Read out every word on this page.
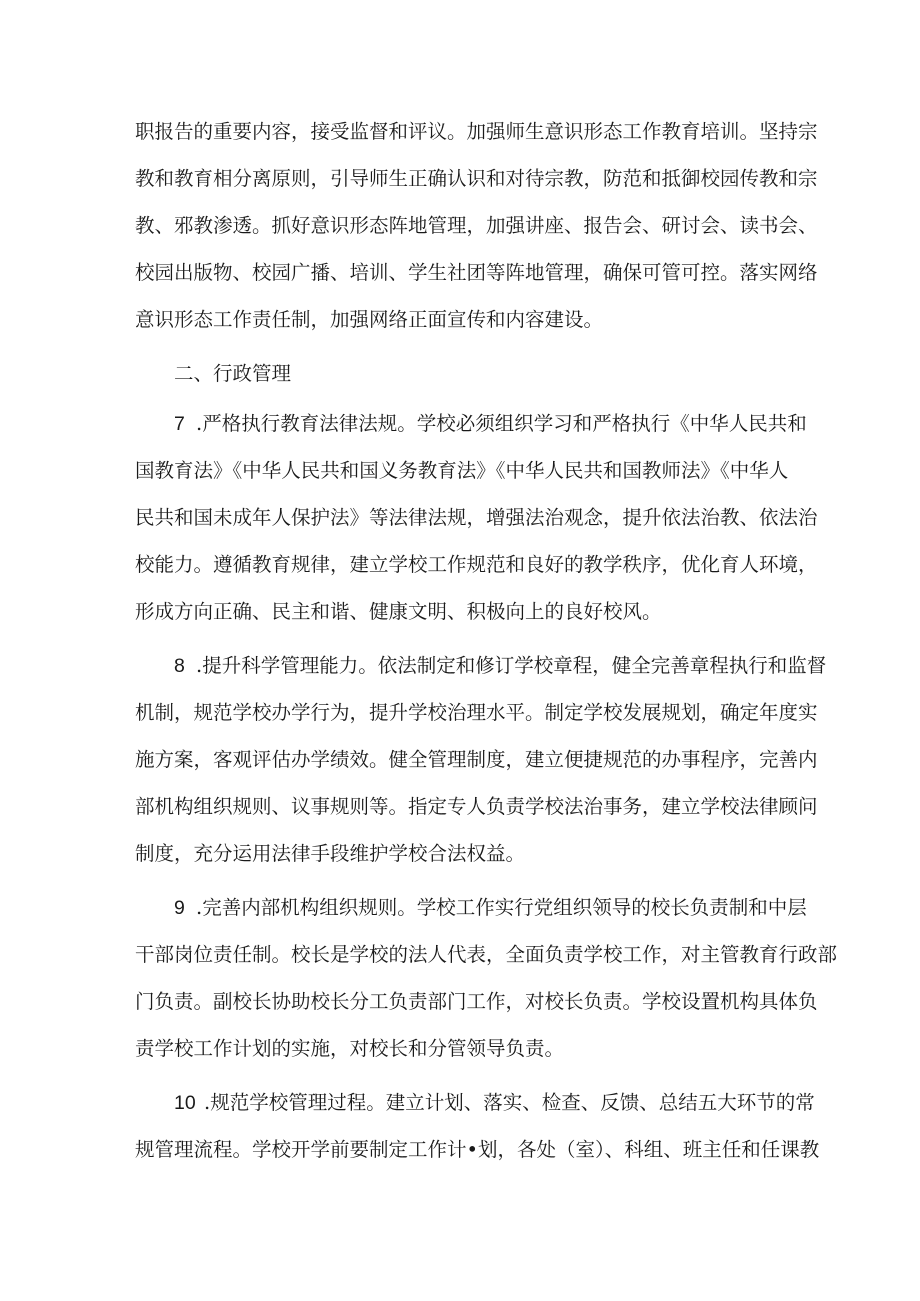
职报告的重要内容，接受监督和评议。加强师生意识形态工作教育培训。坚持宗
教和教育相分离原则，引导师生正确认识和对待宗教，防范和抵御校园传教和宗
教、邪教渗透。抓好意识形态阵地管理，加强讲座、报告会、研讨会、读书会、
校园出版物、校园广播、培训、学生社团等阵地管理，确保可管可控。落实网络
意识形态工作责任制，加强网络正面宣传和内容建设。
二、行政管理
7 .严格执行教育法律法规。学校必须组织学习和严格执行《中华人民共和
国教育法》《中华人民共和国义务教育法》《中华人民共和国教师法》《中华人
民共和国未成年人保护法》等法律法规，增强法治观念，提升依法治教、依法治
校能力。遵循教育规律，建立学校工作规范和良好的教学秩序，优化育人环境，
形成方向正确、民主和谐、健康文明、积极向上的良好校风。
8 .提升科学管理能力。依法制定和修订学校章程，健全完善章程执行和监督
机制，规范学校办学行为，提升学校治理水平。制定学校发展规划，确定年度实
施方案，客观评估办学绩效。健全管理制度，建立便捷规范的办事程序，完善内
部机构组织规则、议事规则等。指定专人负责学校法治事务，建立学校法律顾问
制度，充分运用法律手段维护学校合法权益。
9 .完善内部机构组织规则。学校工作实行党组织领导的校长负责制和中层
干部岗位责任制。校长是学校的法人代表，全面负责学校工作，对主管教育行政部
门负责。副校长协助校长分工负责部门工作，对校长负责。学校设置机构具体负
责学校工作计划的实施，对校长和分管领导负责。
10 .规范学校管理过程。建立计划、落实、检查、反馈、总结五大环节的常
规管理流程。学校开学前要制定工作计•划，各处（室）、科组、班主任和任课教
